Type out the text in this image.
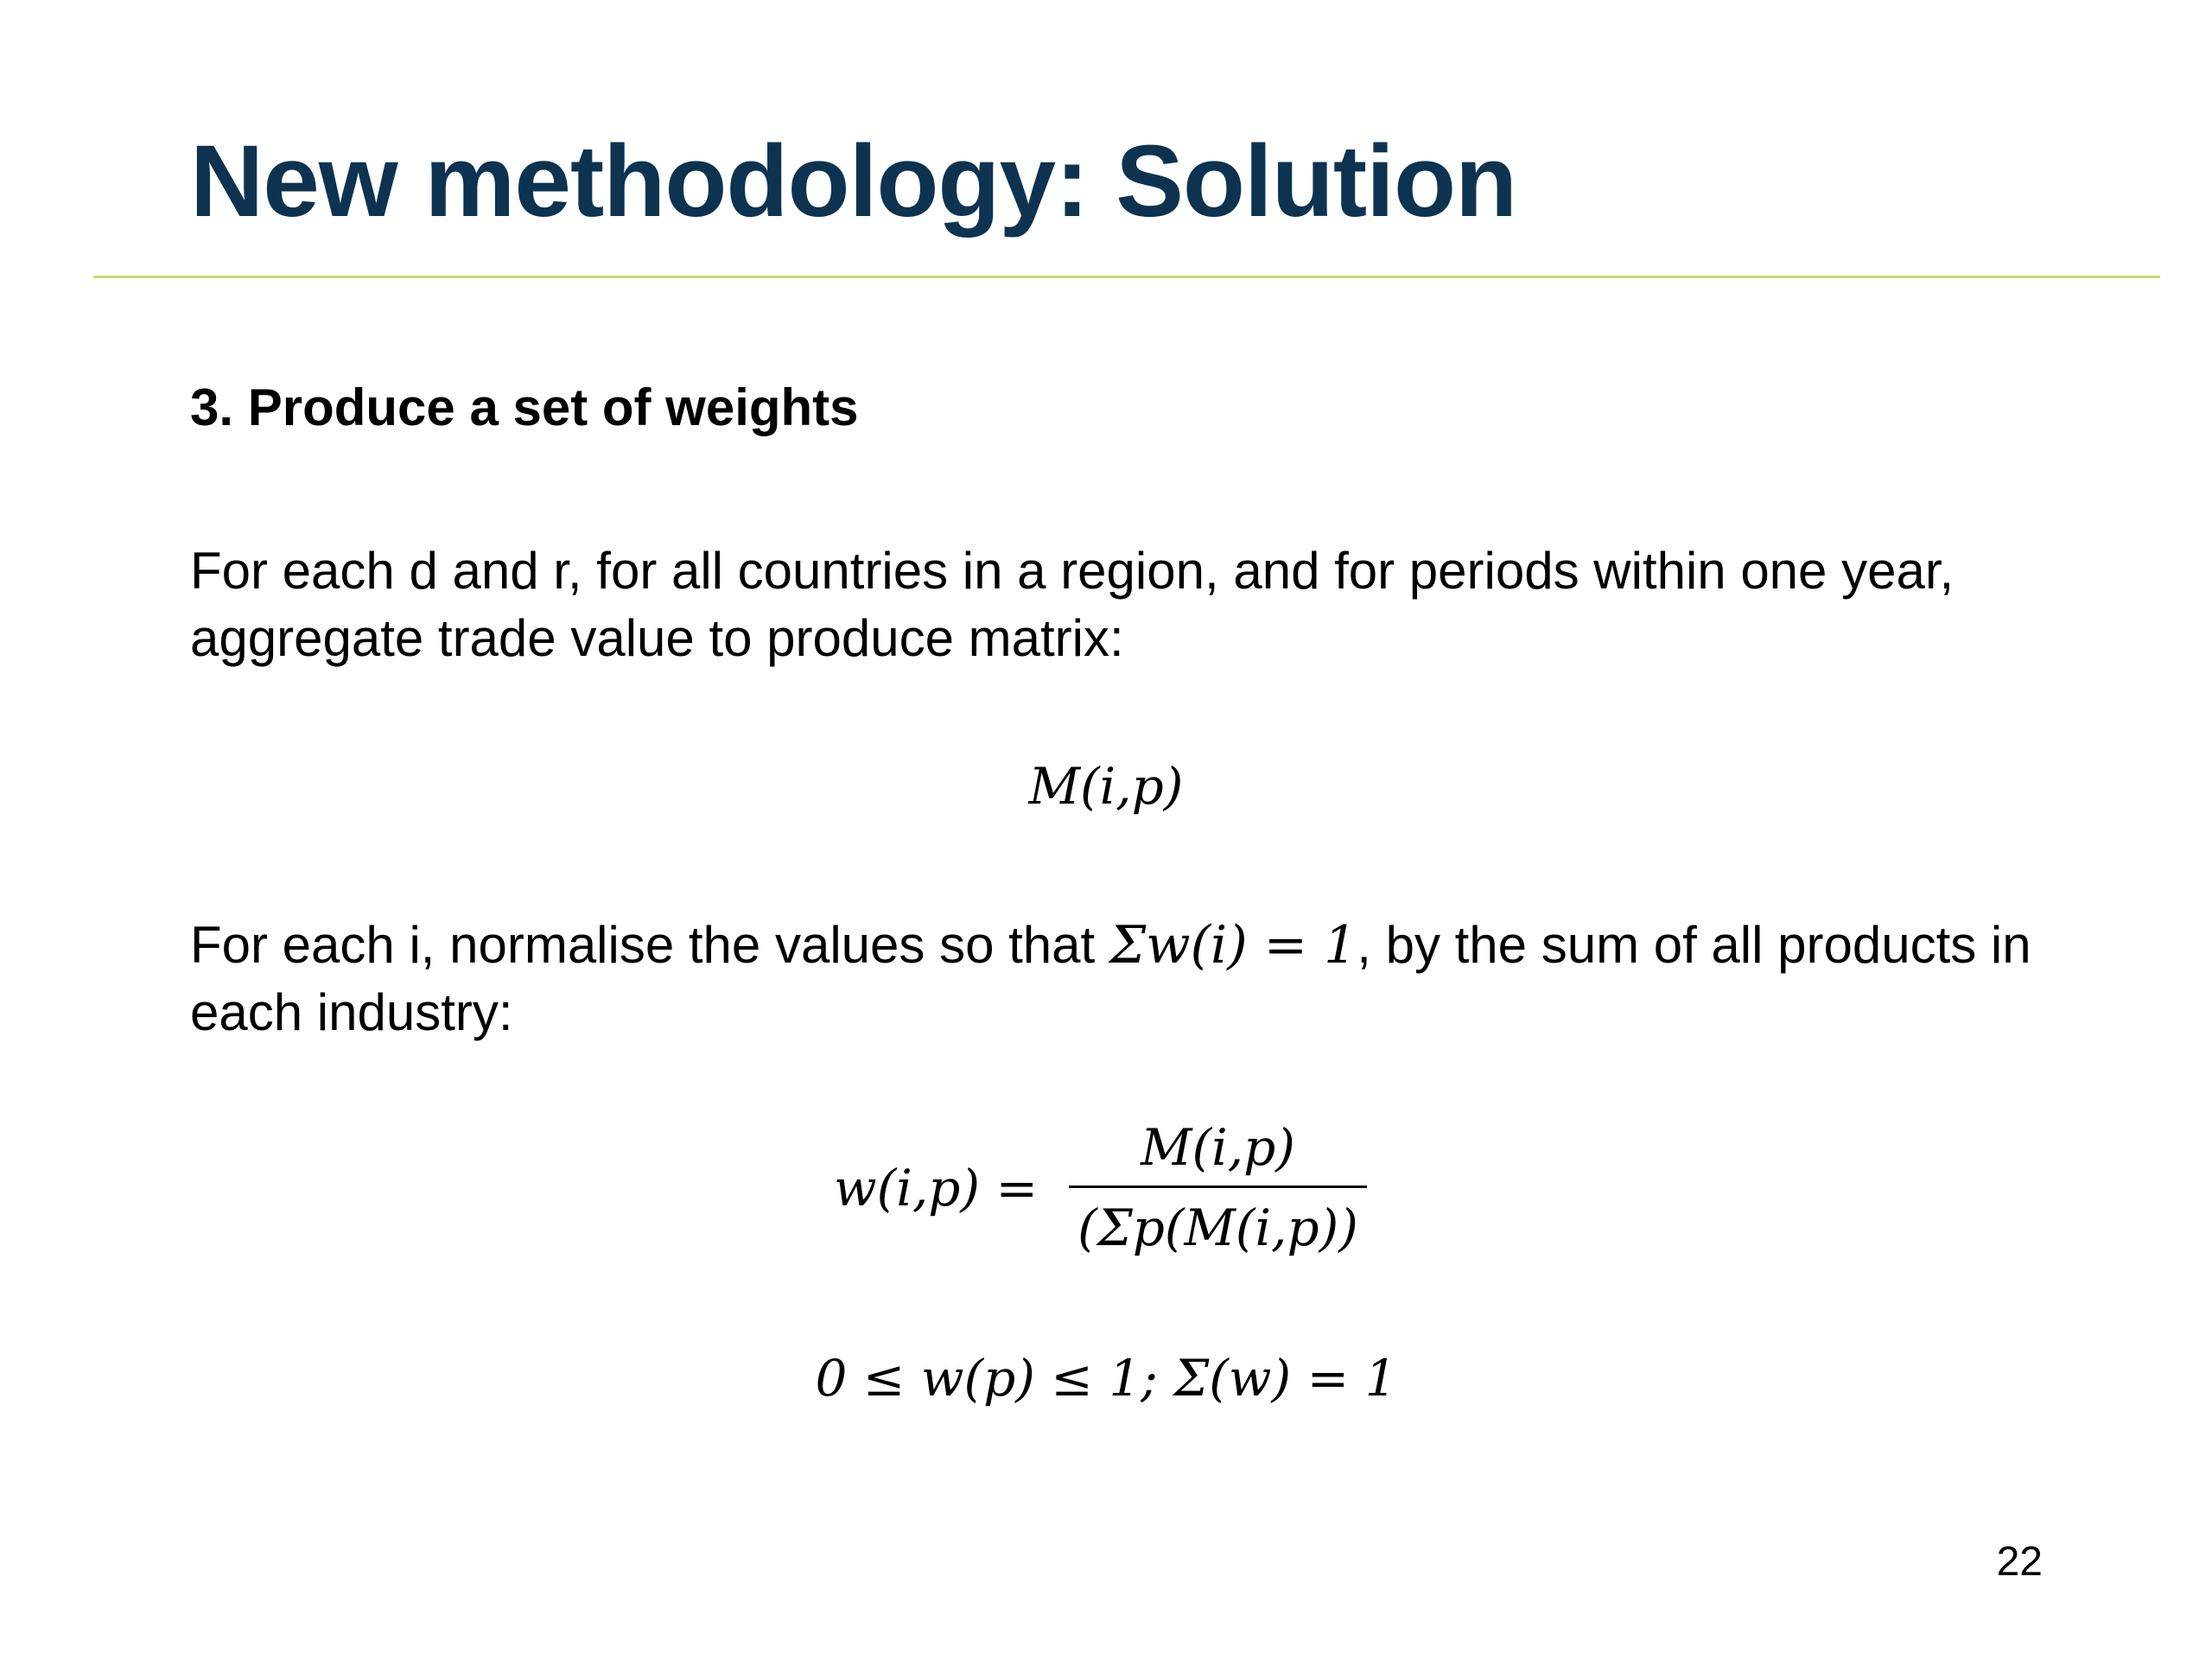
New methodology: Solution
3. Produce a set of weights

For each d and r, for all countries in a region, and for periods within one year, aggregate trade value to produce matrix:

M(i,p)

For each i, normalise the values so that Σw(i) = 1, by the sum of all products in each industry:

$w(i,p) = \frac{M(i,p)}{(\Sigma p(M(i,p))}$
0 ≤ w(p) ≤ 1; Σ(w) = 1
22
